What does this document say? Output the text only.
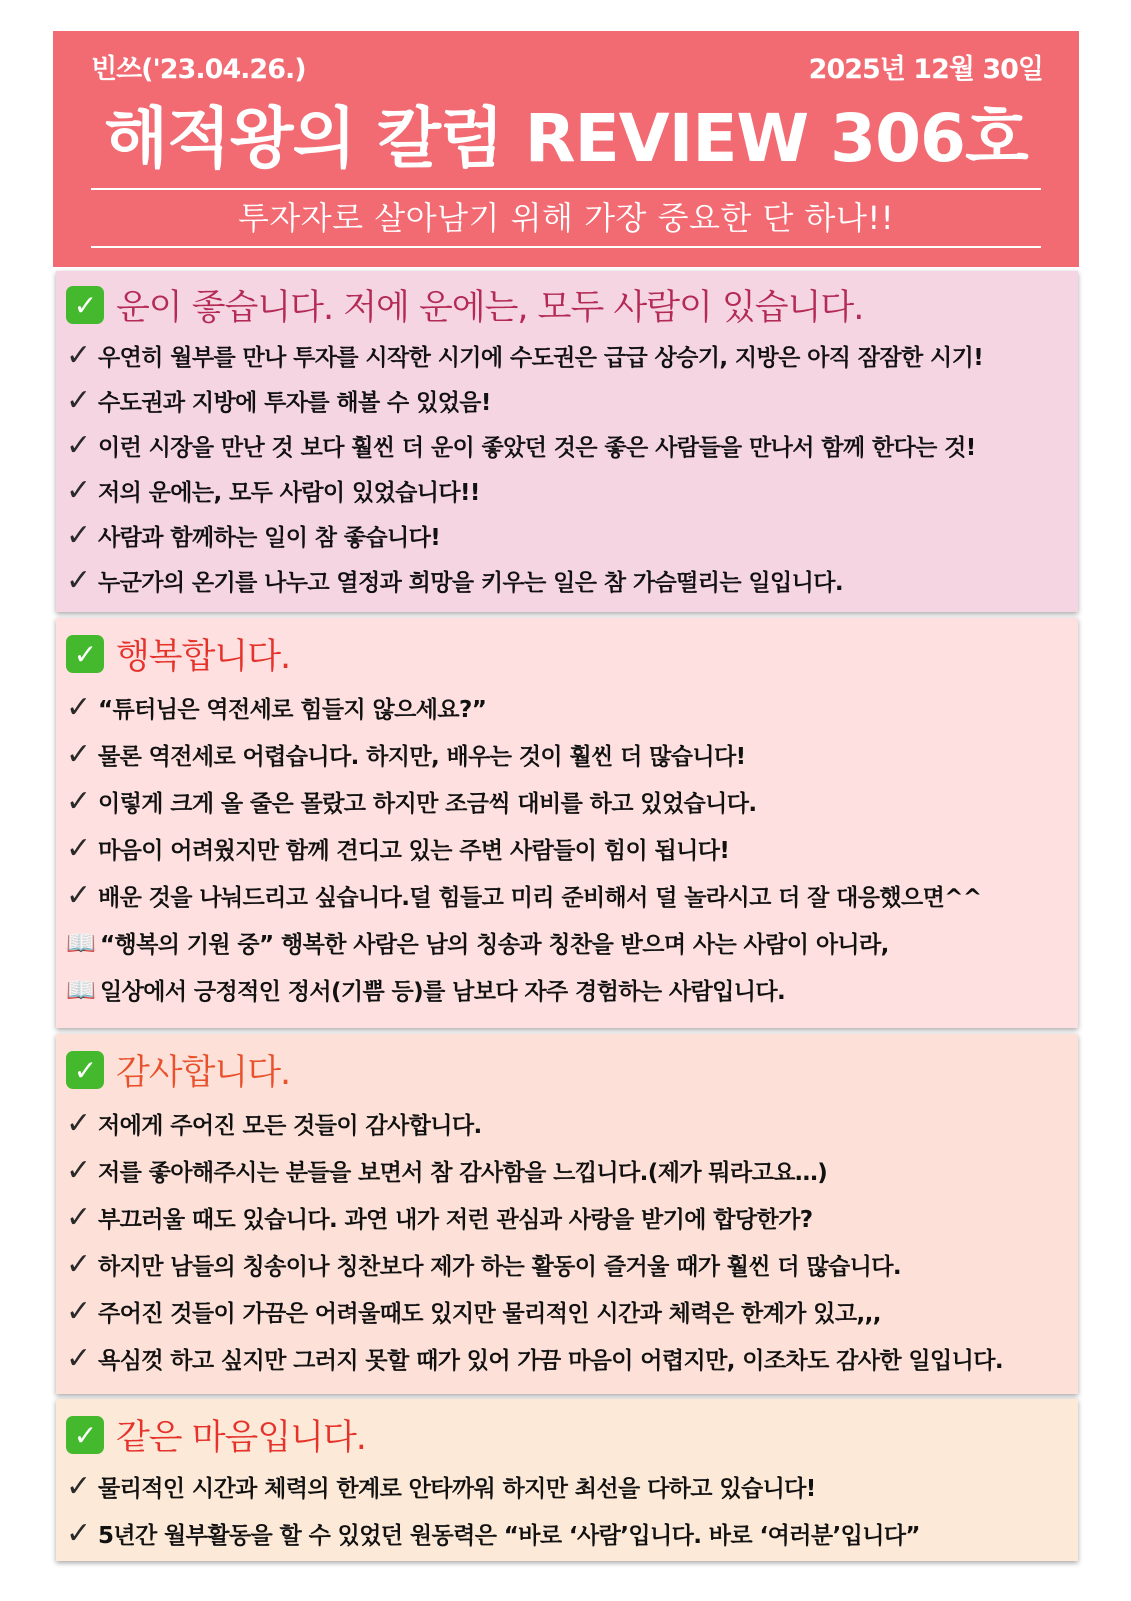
빈쓰('23.04.26.)	2025년 12월 30일
해적왕의 칼럼 REVIEW 306호
투자자로 살아남기 위해 가장 중요한 단 하나!!
✓ 운이 좋습니다. 저에 운에는, 모두 사람이 있습니다.
✓ 우연히 월부를 만나 투자를 시작한 시기에 수도권은 급급 상승기, 지방은 아직 잠잠한 시기!
✓ 수도권과 지방에 투자를 해볼 수 있었음!
✓ 이런 시장을 만난 것 보다 훨씬 더 운이 좋았던 것은 좋은 사람들을 만나서 함께 한다는 것!
✓ 저의 운에는, 모두 사람이 있었습니다!!
✓ 사람과 함께하는 일이 참 좋습니다!
✓ 누군가의 온기를 나누고 열정과 희망을 키우는 일은 참 가슴떨리는 일입니다.
✓ 행복합니다.
✓ “튜터님은 역전세로 힘들지 않으세요?”
✓ 물론 역전세로 어렵습니다. 하지만, 배우는 것이 훨씬 더 많습니다!
✓ 이렇게 크게 올 줄은 몰랐고 하지만 조금씩 대비를 하고 있었습니다.
✓ 마음이 어려웠지만 함께 견디고 있는 주변 사람들이 힘이 됩니다!
✓ 배운 것을 나눠드리고 싶습니다.덜 힘들고 미리 준비해서 덜 놀라시고 더 잘 대응했으면^^
📖 “행복의 기원 중” 행복한 사람은 남의 칭송과 칭찬을 받으며 사는 사람이 아니라,
📖 일상에서 긍정적인 정서(기쁨 등)를 남보다 자주 경험하는 사람입니다.
✓ 감사합니다.
✓ 저에게 주어진 모든 것들이 감사합니다.
✓ 저를 좋아해주시는 분들을 보면서 참 감사함을 느낍니다.(제가 뭐라고요…)
✓ 부끄러울 때도 있습니다. 과연 내가 저런 관심과 사랑을 받기에 합당한가?
✓ 하지만 남들의 칭송이나 칭찬보다 제가 하는 활동이 즐거울 때가 훨씬 더 많습니다.
✓ 주어진 것들이 가끔은 어려울때도 있지만 물리적인 시간과 체력은 한계가 있고,,,
✓ 욕심껏 하고 싶지만 그러지 못할 때가 있어 가끔 마음이 어렵지만, 이조차도 감사한 일입니다.
✓ 같은 마음입니다.
✓ 물리적인 시간과 체력의 한계로 안타까워 하지만 최선을 다하고 있습니다!
✓ 5년간 월부활동을 할 수 있었던 원동력은 “바로 ‘사람’입니다. 바로 ‘여러분’입니다”
